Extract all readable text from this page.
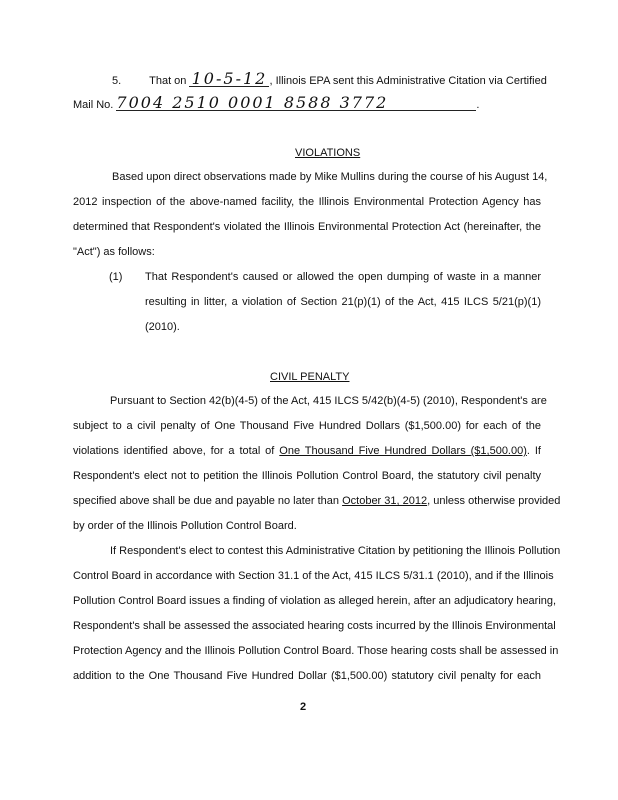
5.	That on 10-5-12 , Illinois EPA sent this Administrative Citation via Certified
Mail No. 7004 2510 0001 8588 3772	.
VIOLATIONS
Based upon direct observations made by Mike Mullins during the course of his August 14,
2012 inspection of the above-named facility, the Illinois Environmental Protection Agency has
determined that Respondent's violated the Illinois Environmental Protection Act (hereinafter, the
"Act") as follows:
(1) That Respondent's caused or allowed the open dumping of waste in a manner
resulting in litter, a violation of Section 21(p)(1) of the Act, 415 ILCS 5/21(p)(1)
(2010).
CIVIL PENALTY
Pursuant to Section 42(b)(4-5) of the Act, 415 ILCS 5/42(b)(4-5) (2010), Respondent's are
subject to a civil penalty of One Thousand Five Hundred Dollars ($1,500.00) for each of the
violations identified above, for a total of One Thousand Five Hundred Dollars ($1,500.00). If
Respondent's elect not to petition the Illinois Pollution Control Board, the statutory civil penalty
specified above shall be due and payable no later than October 31, 2012, unless otherwise provided
by order of the Illinois Pollution Control Board.
If Respondent's elect to contest this Administrative Citation by petitioning the Illinois Pollution
Control Board in accordance with Section 31.1 of the Act, 415 ILCS 5/31.1 (2010), and if the Illinois
Pollution Control Board issues a finding of violation as alleged herein, after an adjudicatory hearing,
Respondent's shall be assessed the associated hearing costs incurred by the Illinois Environmental
Protection Agency and the Illinois Pollution Control Board. Those hearing costs shall be assessed in
addition to the One Thousand Five Hundred Dollar ($1,500.00) statutory civil penalty for each
2
